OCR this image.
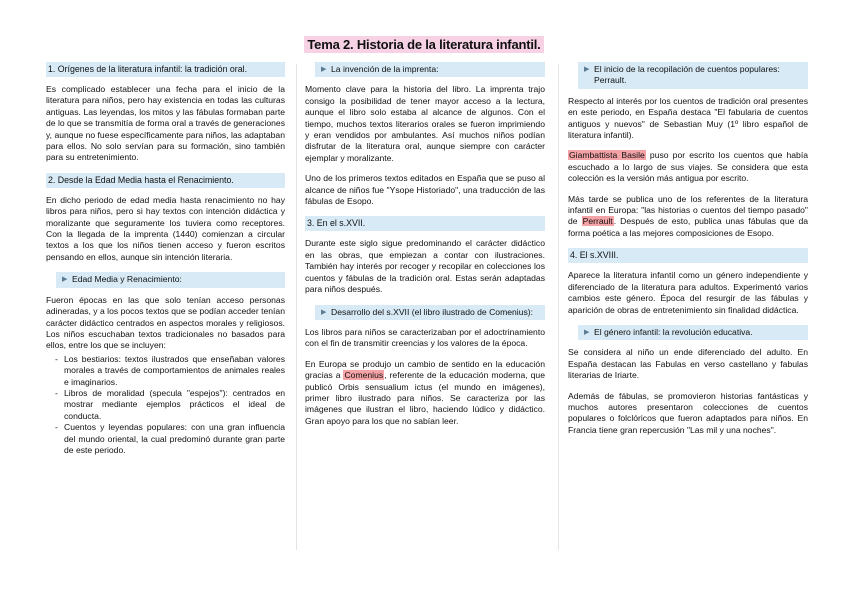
Tema 2. Historia de la literatura infantil.
1. Orígenes de la literatura infantil: la tradición oral.

Es complicado establecer una fecha para el inicio de la literatura para niños, pero hay existencia en todas las culturas antiguas. Las leyendas, los mitos y las fábulas formaban parte de lo que se transmitía de forma oral a través de generaciones y, aunque no fuese específicamente para niños, las adaptaban para ellos. No solo servían para su formación, sino también para su entretenimiento.

2. Desde la Edad Media hasta el Renacimiento.

En dicho periodo de edad media hasta renacimiento no hay libros para niños, pero si hay textos con intención didáctica y moralizante que seguramente los tuviera como receptores. Con la llegada de la imprenta (1440) comienzan a circular textos a los que los niños tienen acceso y fueron escritos pensando en ellos, aunque sin intención literaria.

▶ Edad Media y Renacimiento:

Fueron épocas en las que solo tenían acceso personas adineradas, y a los pocos textos que se podían acceder tenían carácter didáctico centrados en aspectos morales y religiosos. Los niños escuchaban textos tradicionales no basados para ellos, entre los que se incluyen:

- Los bestiarios: textos ilustrados que enseñaban valores morales a través de comportamientos de animales reales e imaginarios.
- Libros de moralidad (specula "espejos"): centrados en mostrar mediante ejemplos prácticos el ideal de conducta.
- Cuentos y leyendas populares: con una gran influencia del mundo oriental, la cual predominó durante gran parte de este periodo.
▶ La invención de la imprenta:

Momento clave para la historia del libro. La imprenta trajo consigo la posibilidad de tener mayor acceso a la lectura, aunque el libro solo estaba al alcance de algunos. Con el tiempo, muchos textos literarios orales se fueron imprimiendo y eran vendidos por ambulantes. Así muchos niños podían disfrutar de la literatura oral, aunque siempre con carácter ejemplar y moralizante.

Uno de los primeros textos editados en España que se puso al alcance de niños fue "Ysope Historiado", una traducción de las fábulas de Esopo.

3. En el s.XVII.

Durante este siglo sigue predominando el carácter didáctico en las obras, que empiezan a contar con ilustraciones. También hay interés por recoger y recopilar en colecciones los cuentos y fábulas de la tradición oral. Estas serán adaptadas para niños después.

▶ Desarrollo del s.XVII (el libro ilustrado de Comenius):

Los libros para niños se caracterizaban por el adoctrinamiento con el fin de transmitir creencias y los valores de la época.

En Europa se produjo un cambio de sentido en la educación gracias a Comenius, referente de la educación moderna, que publicó Orbis sensualium ictus (el mundo en imágenes), primer libro ilustrado para niños. Se caracteriza por las imágenes que ilustran el libro, haciendo lúdico y didáctico. Gran apoyo para los que no sabían leer.

▶ El inicio de la recopilación de cuentos populares: Perrault.

Respecto al interés por los cuentos de tradición oral presentes en este periodo, en España destaca "El fabularia de cuentos antiguos y nuevos" de Sebastian Muy (1º libro español de literatura infantil).

Giambattista Basile puso por escrito los cuentos que había escuchado a lo largo de sus viajes. Se considera que esta colección es la versión más antigua por escrito.

Más tarde se publica uno de los referentes de la literatura infantil en Europa: "las historias o cuentos del tiempo pasado" de Perrault. Después de esto, publica unas fábulas que da forma poética a las mejores composiciones de Esopo.

4. El s.XVIII.

Aparece la literatura infantil como un género independiente y diferenciado de la literatura para adultos. Experimentó varios cambios este género. Época del resurgir de las fábulas y aparición de obras de entretenimiento sin finalidad didáctica.

▶ El género infantil: la revolución educativa.

Se considera al niño un ende diferenciado del adulto. En España destacan las Fabulas en verso castellano y fabulas literarias de Iriarte.

Además de fábulas, se promovieron historias fantásticas y muchos autores presentaron colecciones de cuentos populares o folclóricos que fueron adaptados para niños. En Francia tiene gran repercusión "Las mil y una noches".
